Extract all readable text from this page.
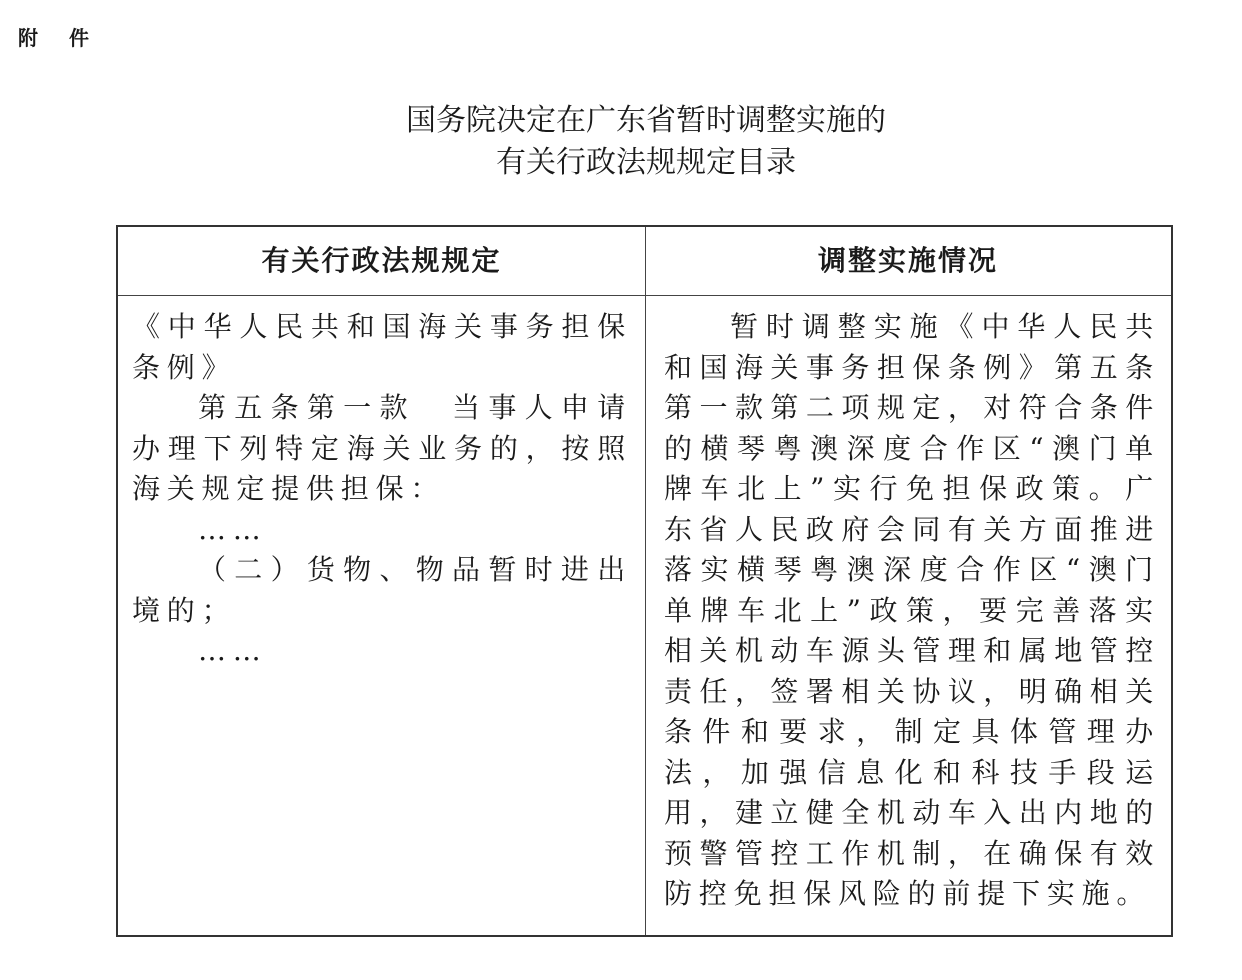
附 件
国务院决定在广东省暂时调整实施的
有关行政法规规定目录
有关行政法规规定	调整实施情况

《中华人民共和国海关事务担保条例》

第五条第一款　当事人申请办理下列特定海关业务的，按照海关规定提供担保：

……

（二）货物、物品暂时进出境的；

……

暂时调整实施《中华人民共和国海关事务担保条例》第五条第一款第二项规定，对符合条件的横琴粤澳深度合作区“澳门单牌车北上”实行免担保政策。广东省人民政府会同有关方面推进落实横琴粤澳深度合作区“澳门单牌车北上”政策，要完善落实相关机动车源头管理和属地管控责任，签署相关协议，明确相关条件和要求，制定具体管理办法，加强信息化和科技手段运用，建立健全机动车入出内地的预警管控工作机制，在确保有效防控免担保风险的前提下实施。
